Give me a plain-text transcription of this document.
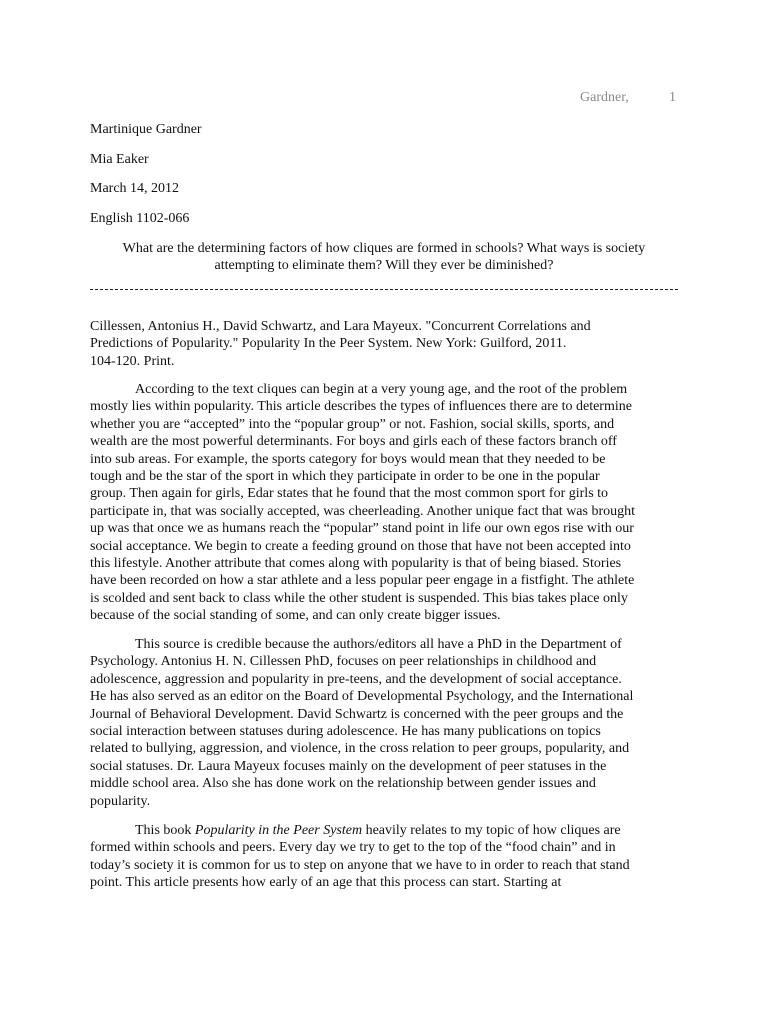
Gardner,	1
Martinique Gardner
Mia Eaker
March 14, 2012
English 1102-066
What are the determining factors of how cliques are formed in schools? What ways is society
attempting to eliminate them? Will they ever be diminished?
Cillessen, Antonius H., David Schwartz, and Lara Mayeux. "Concurrent Correlations and
Predictions of Popularity." Popularity In the Peer System. New York: Guilford, 2011.
104-120. Print.
According to the text cliques can begin at a very young age, and the root of the problem
mostly lies within popularity. This article describes the types of influences there are to determine
whether you are “accepted” into the “popular group” or not. Fashion, social skills, sports, and
wealth are the most powerful determinants. For boys and girls each of these factors branch off
into sub areas. For example, the sports category for boys would mean that they needed to be
tough and be the star of the sport in which they participate in order to be one in the popular
group. Then again for girls, Edar states that he found that the most common sport for girls to
participate in, that was socially accepted, was cheerleading. Another unique fact that was brought
up was that once we as humans reach the “popular” stand point in life our own egos rise with our
social acceptance. We begin to create a feeding ground on those that have not been accepted into
this lifestyle. Another attribute that comes along with popularity is that of being biased. Stories
have been recorded on how a star athlete and a less popular peer engage in a fistfight. The athlete
is scolded and sent back to class while the other student is suspended. This bias takes place only
because of the social standing of some, and can only create bigger issues.
This source is credible because the authors/editors all have a PhD in the Department of
Psychology. Antonius H. N. Cillessen PhD, focuses on peer relationships in childhood and
adolescence, aggression and popularity in pre-teens, and the development of social acceptance.
He has also served as an editor on the Board of Developmental Psychology, and the International
Journal of Behavioral Development. David Schwartz is concerned with the peer groups and the
social interaction between statuses during adolescence. He has many publications on topics
related to bullying, aggression, and violence, in the cross relation to peer groups, popularity, and
social statuses. Dr. Laura Mayeux focuses mainly on the development of peer statuses in the
middle school area. Also she has done work on the relationship between gender issues and
popularity.
This book Popularity in the Peer System heavily relates to my topic of how cliques are
formed within schools and peers. Every day we try to get to the top of the “food chain” and in
today’s society it is common for us to step on anyone that we have to in order to reach that stand
point. This article presents how early of an age that this process can start. Starting at
